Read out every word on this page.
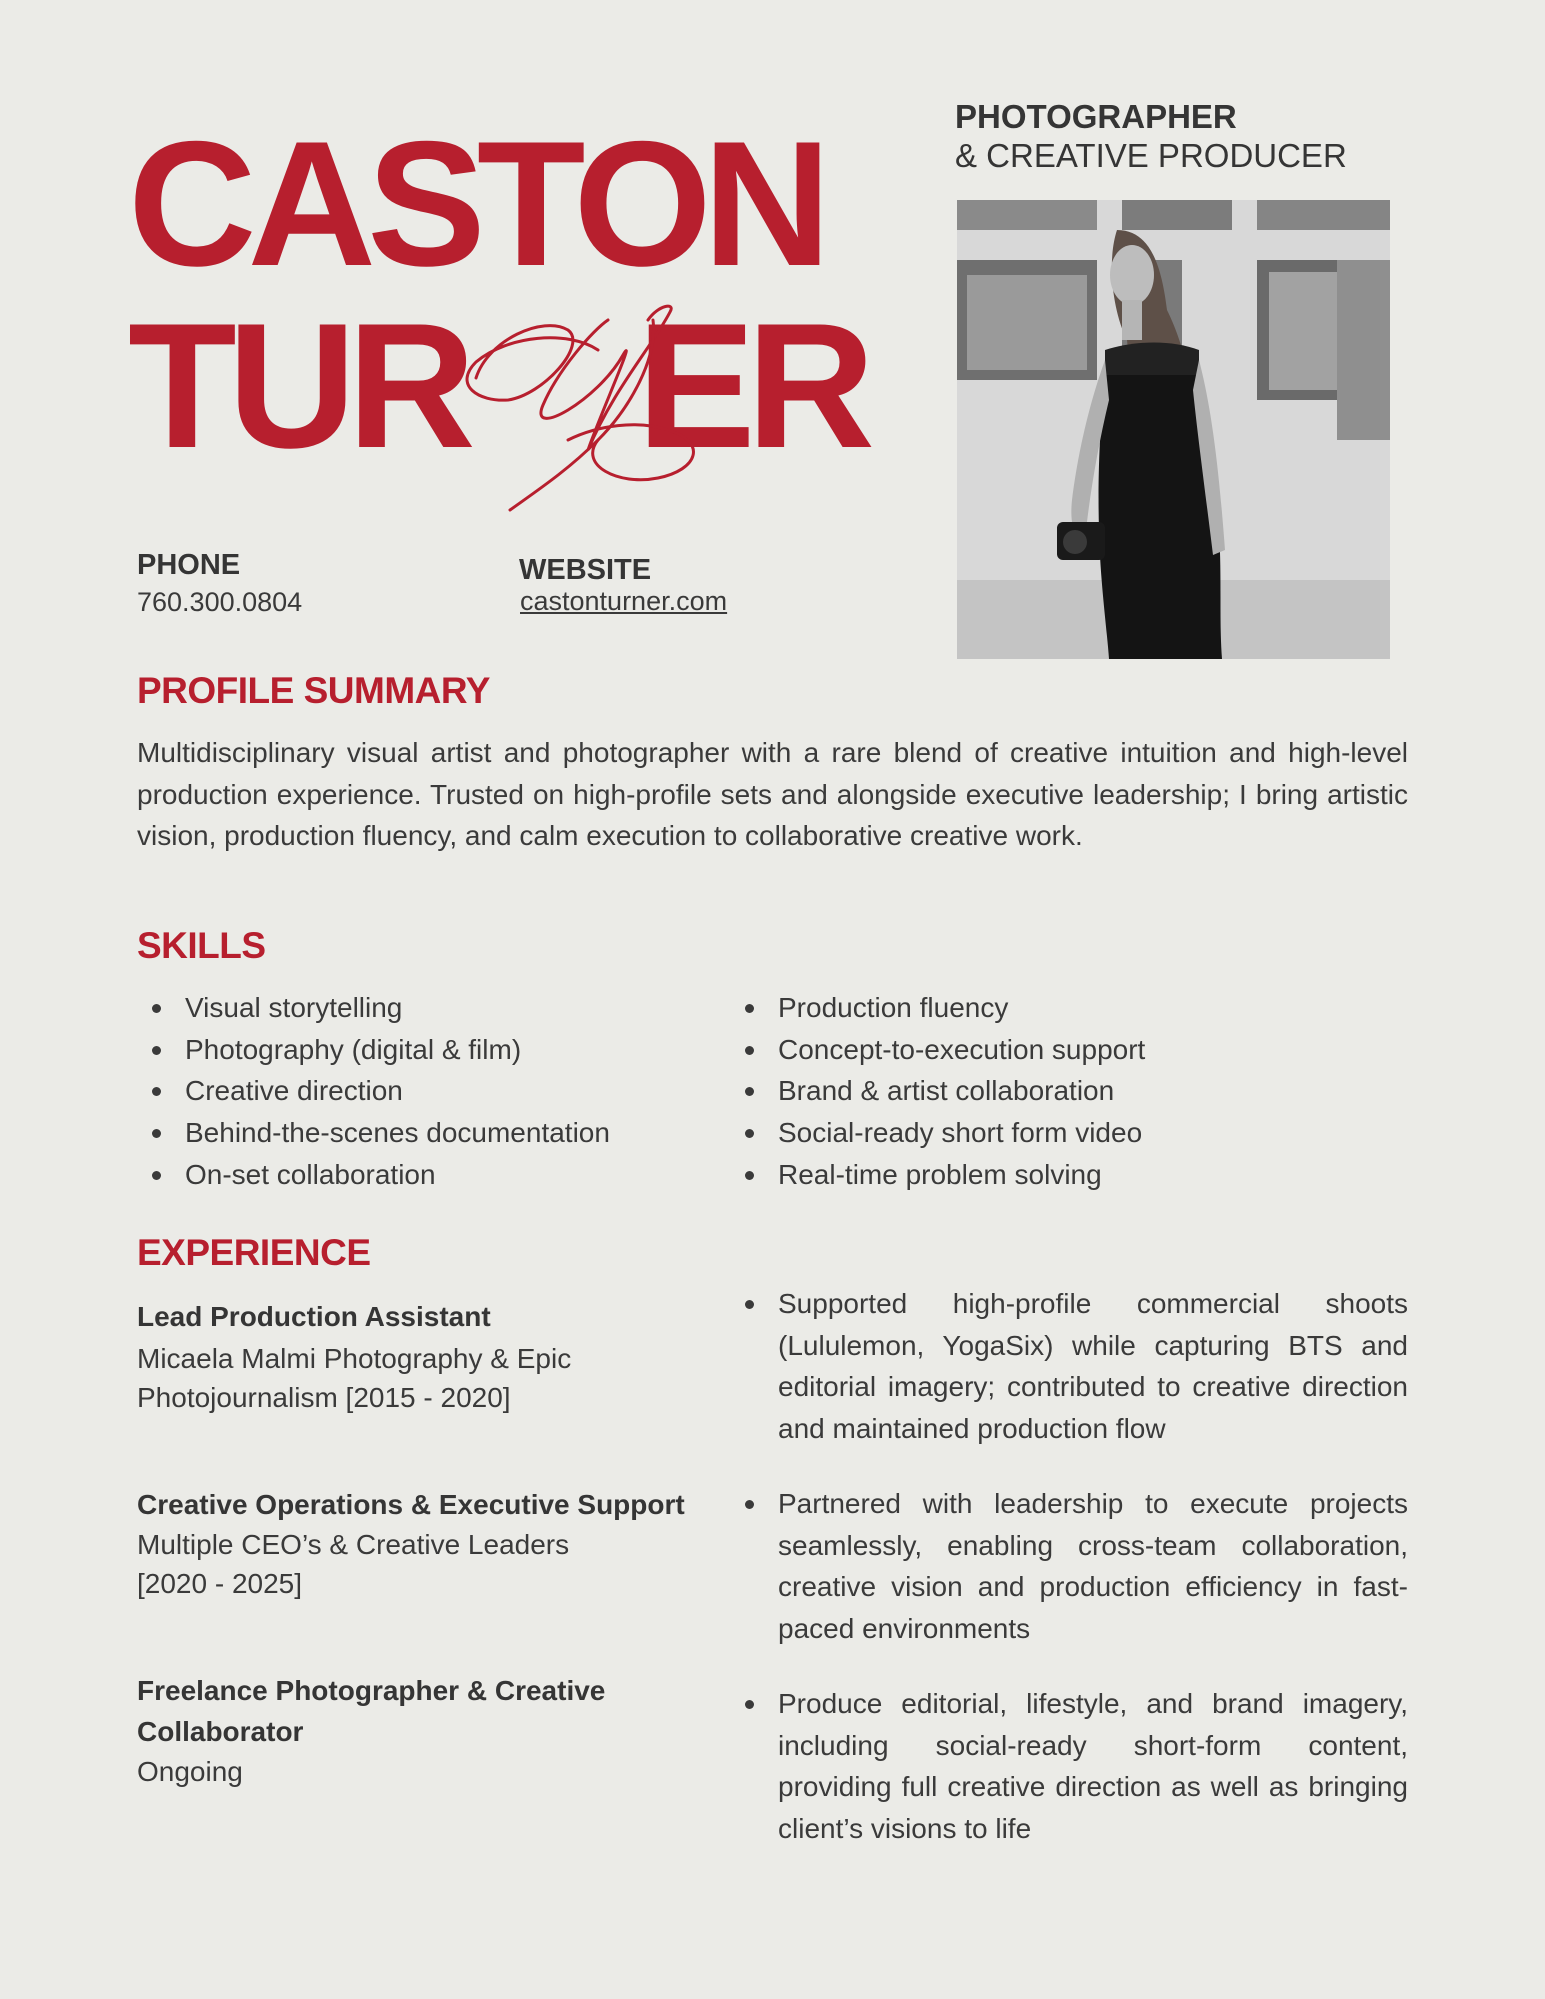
CASTON
TUR ER
PHOTOGRAPHER
& CREATIVE PRODUCER
PHONE
760.300.0804
WEBSITE
castonturner.com
PROFILE SUMMARY
Multidisciplinary visual artist and photographer with a rare blend of creative intuition and high-level production experience. Trusted on high-profile sets and alongside executive leadership; I bring artistic vision, production fluency, and calm execution to collaborative creative work.
SKILLS
Visual storytelling
Photography (digital & film)
Creative direction
Behind-the-scenes documentation
On-set collaboration
Production fluency
Concept-to-execution support
Brand & artist collaboration
Social-ready short form video
Real-time problem solving
EXPERIENCE
Lead Production Assistant
Micaela Malmi Photography & Epic
Photojournalism [2015 - 2020]
Supported high-profile commercial shoots (Lululemon, YogaSix) while capturing BTS and editorial imagery; contributed to creative direction and maintained production flow
Creative Operations & Executive Support
Multiple CEO’s & Creative Leaders
[2020 - 2025]
Partnered with leadership to execute projects seamlessly, enabling cross-team collaboration, creative vision and production efficiency in fast-paced environments
Freelance Photographer & Creative
Collaborator
Ongoing
Produce editorial, lifestyle, and brand imagery, including social-ready short-form content, providing full creative direction as well as bringing client’s visions to life
